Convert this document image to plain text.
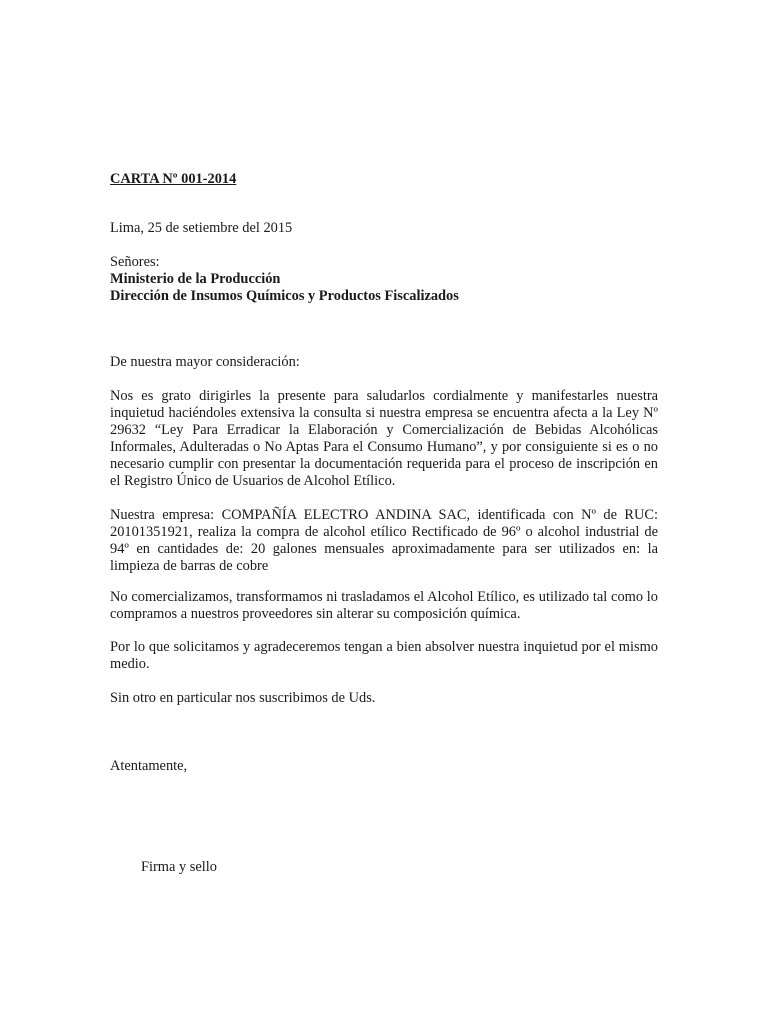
CARTA Nº 001-2014
Lima, 25 de setiembre del 2015
Señores:
Ministerio de la Producción
Dirección de Insumos Químicos y Productos Fiscalizados
De nuestra mayor consideración:
Nos es grato dirigirles la presente para saludarlos cordialmente y manifestarles nuestra inquietud haciéndoles extensiva la consulta si nuestra empresa se encuentra afecta a la Ley Nº 29632 “Ley Para Erradicar la Elaboración y Comercialización de Bebidas Alcohólicas Informales, Adulteradas o No Aptas Para el Consumo Humano”, y por consiguiente si es o no necesario cumplir con presentar la documentación requerida para el proceso de inscripción en el Registro Único de Usuarios de Alcohol Etílico.
Nuestra empresa: COMPAÑÍA ELECTRO ANDINA SAC, identificada con Nº de RUC: 20101351921, realiza la compra de alcohol etílico Rectificado de 96º o alcohol industrial de 94º en cantidades de: 20 galones mensuales aproximadamente para ser utilizados en: la limpieza de barras de cobre
No comercializamos, transformamos ni trasladamos el Alcohol Etílico, es utilizado tal como lo compramos a nuestros proveedores sin alterar su composición química.
Por lo que solicitamos y agradeceremos tengan a bien absolver nuestra inquietud por el mismo medio.
Sin otro en particular nos suscribimos de Uds.
Atentamente,
Firma y sello
